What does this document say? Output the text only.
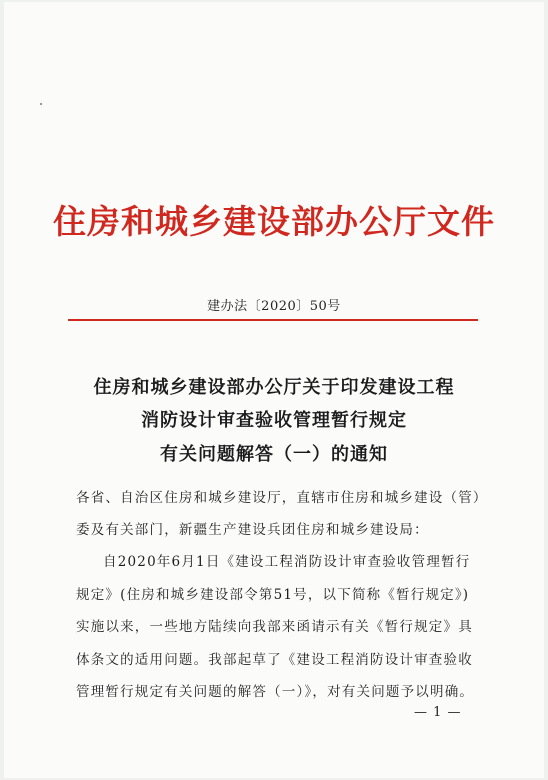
住房和城乡建设部办公厅文件
建办法〔2020〕50号
住房和城乡建设部办公厅关于印发建设工程
消防设计审查验收管理暂行规定
有关问题解答（一）的通知
各省、自治区住房和城乡建设厅，直辖市住房和城乡建设（管）
委及有关部门，新疆生产建设兵团住房和城乡建设局：
自2020年6月1日《建设工程消防设计审查验收管理暂行
规定》(住房和城乡建设部令第51号，以下简称《暂行规定》)
实施以来，一些地方陆续向我部来函请示有关《暂行规定》具
体条文的适用问题。我部起草了《建设工程消防设计审查验收
管理暂行规定有关问题的解答（一）》，对有关问题予以明确。
— 1 —
